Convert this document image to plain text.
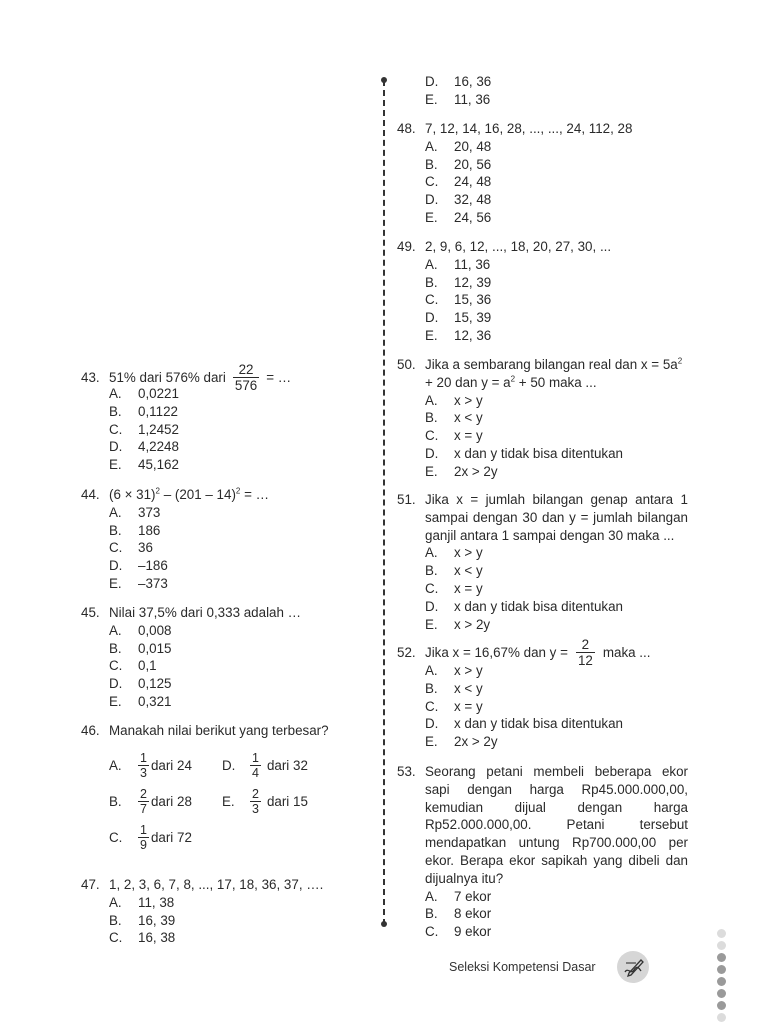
D.	16, 36
E.	11, 36
48. 7, 12, 14, 16, 28, ..., ..., 24, 112, 28
A.	20, 48
B.	20, 56
C.	24, 48
D.	32, 48
E.	24, 56
49. 2, 9, 6, 12, ..., 18, 20, 27, 30, ...
A.	11, 36
B.	12, 39
C.	15, 36
D.	15, 39
E.	12, 36
50. Jika a sembarang bilangan real dan $x = 5a^2$
+ 20 dan $y = a^2 + 50$ maka ...
A.	x > y
B.	x < y
C.	x = y
D.	x dan y tidak bisa ditentukan
E.	2x > 2y
51. Jika x = jumlah bilangan genap antara 1 sampai dengan 30 dan y = jumlah bilangan ganjil antara 1 sampai dengan 30 maka ...
A.	x > y
B.	x < y
C.	x = y
D.	x dan y tidak bisa ditentukan
E.	x > 2y
52. Jika x = 16,67% dan $y = \frac{2}{12}$ maka ...
A.	x > y
B.	x < y
C.	x = y
D.	x dan y tidak bisa ditentukan
E.	2x > 2y
53. Seorang petani membeli beberapa ekor sapi dengan harga Rp45.000.000,00, kemudian dijual dengan harga Rp52.000.000,00. Petani tersebut mendapatkan untung Rp700.000,00 per ekor. Berapa ekor sapikah yang dibeli dan dijualnya itu?
A.	7 ekor
B.	8 ekor
C.	9 ekor
43. 51% dari 576% dari $\frac{22}{576}$ = …
A.	0,0221
B.	0,1122
C.	1,2452
D.	4,2248
E.	45,162
44. $(6 \times 31)^2 - (201 - 14)^2$ = …
A.	373
B.	186
C.	36
D.	–186
E.	–373
45. Nilai 37,5% dari 0,333 adalah …
A.	0,008
B.	0,015
C.	0,1
D.	0,125
E.	0,321
46. Manakah nilai berikut yang terbesar?
A.	$\frac{1}{3}$ dari 24 D.	$\frac{1}{4}$ dari 32
B.	$\frac{2}{7}$ dari 28 E.	$\frac{2}{3}$ dari 15
C.	$\frac{1}{9}$ dari 72
47. 1, 2, 3, 6, 7, 8, ..., 17, 18, 36, 37, ….
A.	11, 38
B.	16, 39
C.	16, 38
Seleksi Kompetensi Dasar
